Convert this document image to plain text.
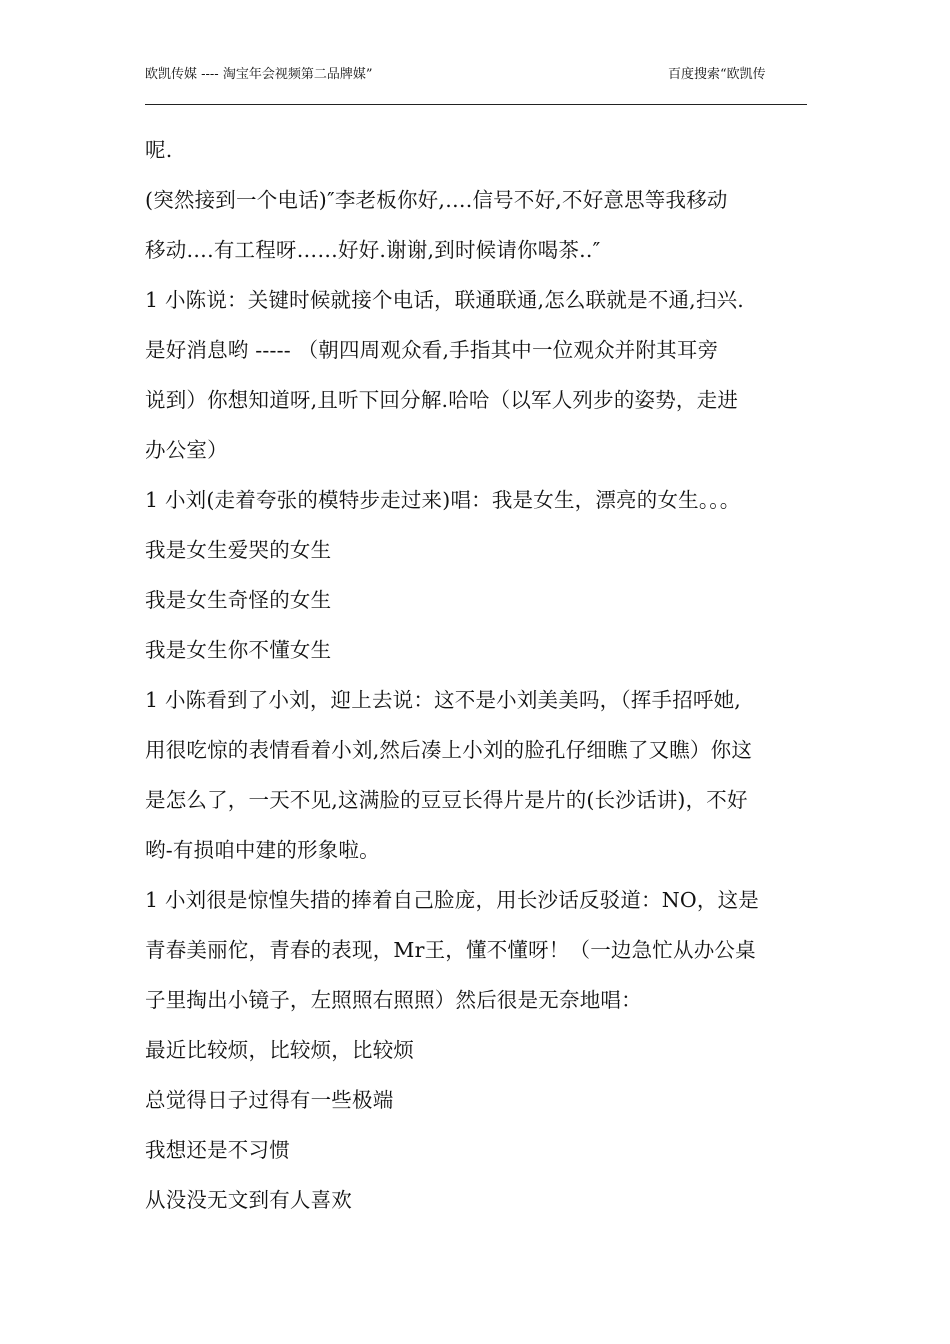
欧凯传媒 ---- 淘宝年会视频第二品牌媒”	百度搜索“欧凯传
呢.
(突然接到一个电话)″李老板你好,….信号不好,不好意思等我移动
移动….有工程呀……好好.谢谢,到时候请你喝茶..″
1 小陈说：关键时候就接个电话，联通联通,怎么联就是不通,扫兴.
是好消息哟 ----- （朝四周观众看,手指其中一位观众并附其耳旁
说到）你想知道呀,且听下回分解.哈哈（以军人列步的姿势，走进
办公室）
1 小刘(走着夸张的模特步走过来)唱：我是女生，漂亮的女生。。。
我是女生爱哭的女生
我是女生奇怪的女生
我是女生你不懂女生
1 小陈看到了小刘，迎上去说：这不是小刘美美吗，（挥手招呼她,
用很吃惊的表情看着小刘,然后凑上小刘的脸孔仔细瞧了又瞧）你这
是怎么了，一天不见,这满脸的豆豆长得片是片的(长沙话讲)，不好
哟-有损咱中建的形象啦。
1 小刘很是惊惶失措的捧着自己脸庞，用长沙话反驳道：NO，这是
青春美丽佗，青春的表现，Mr王，懂不懂呀！（一边急忙从办公桌
子里掏出小镜子，左照照右照照）然后很是无奈地唱：
最近比较烦，比较烦，比较烦
总觉得日子过得有一些极端
我想还是不习惯
从没没无文到有人喜欢
